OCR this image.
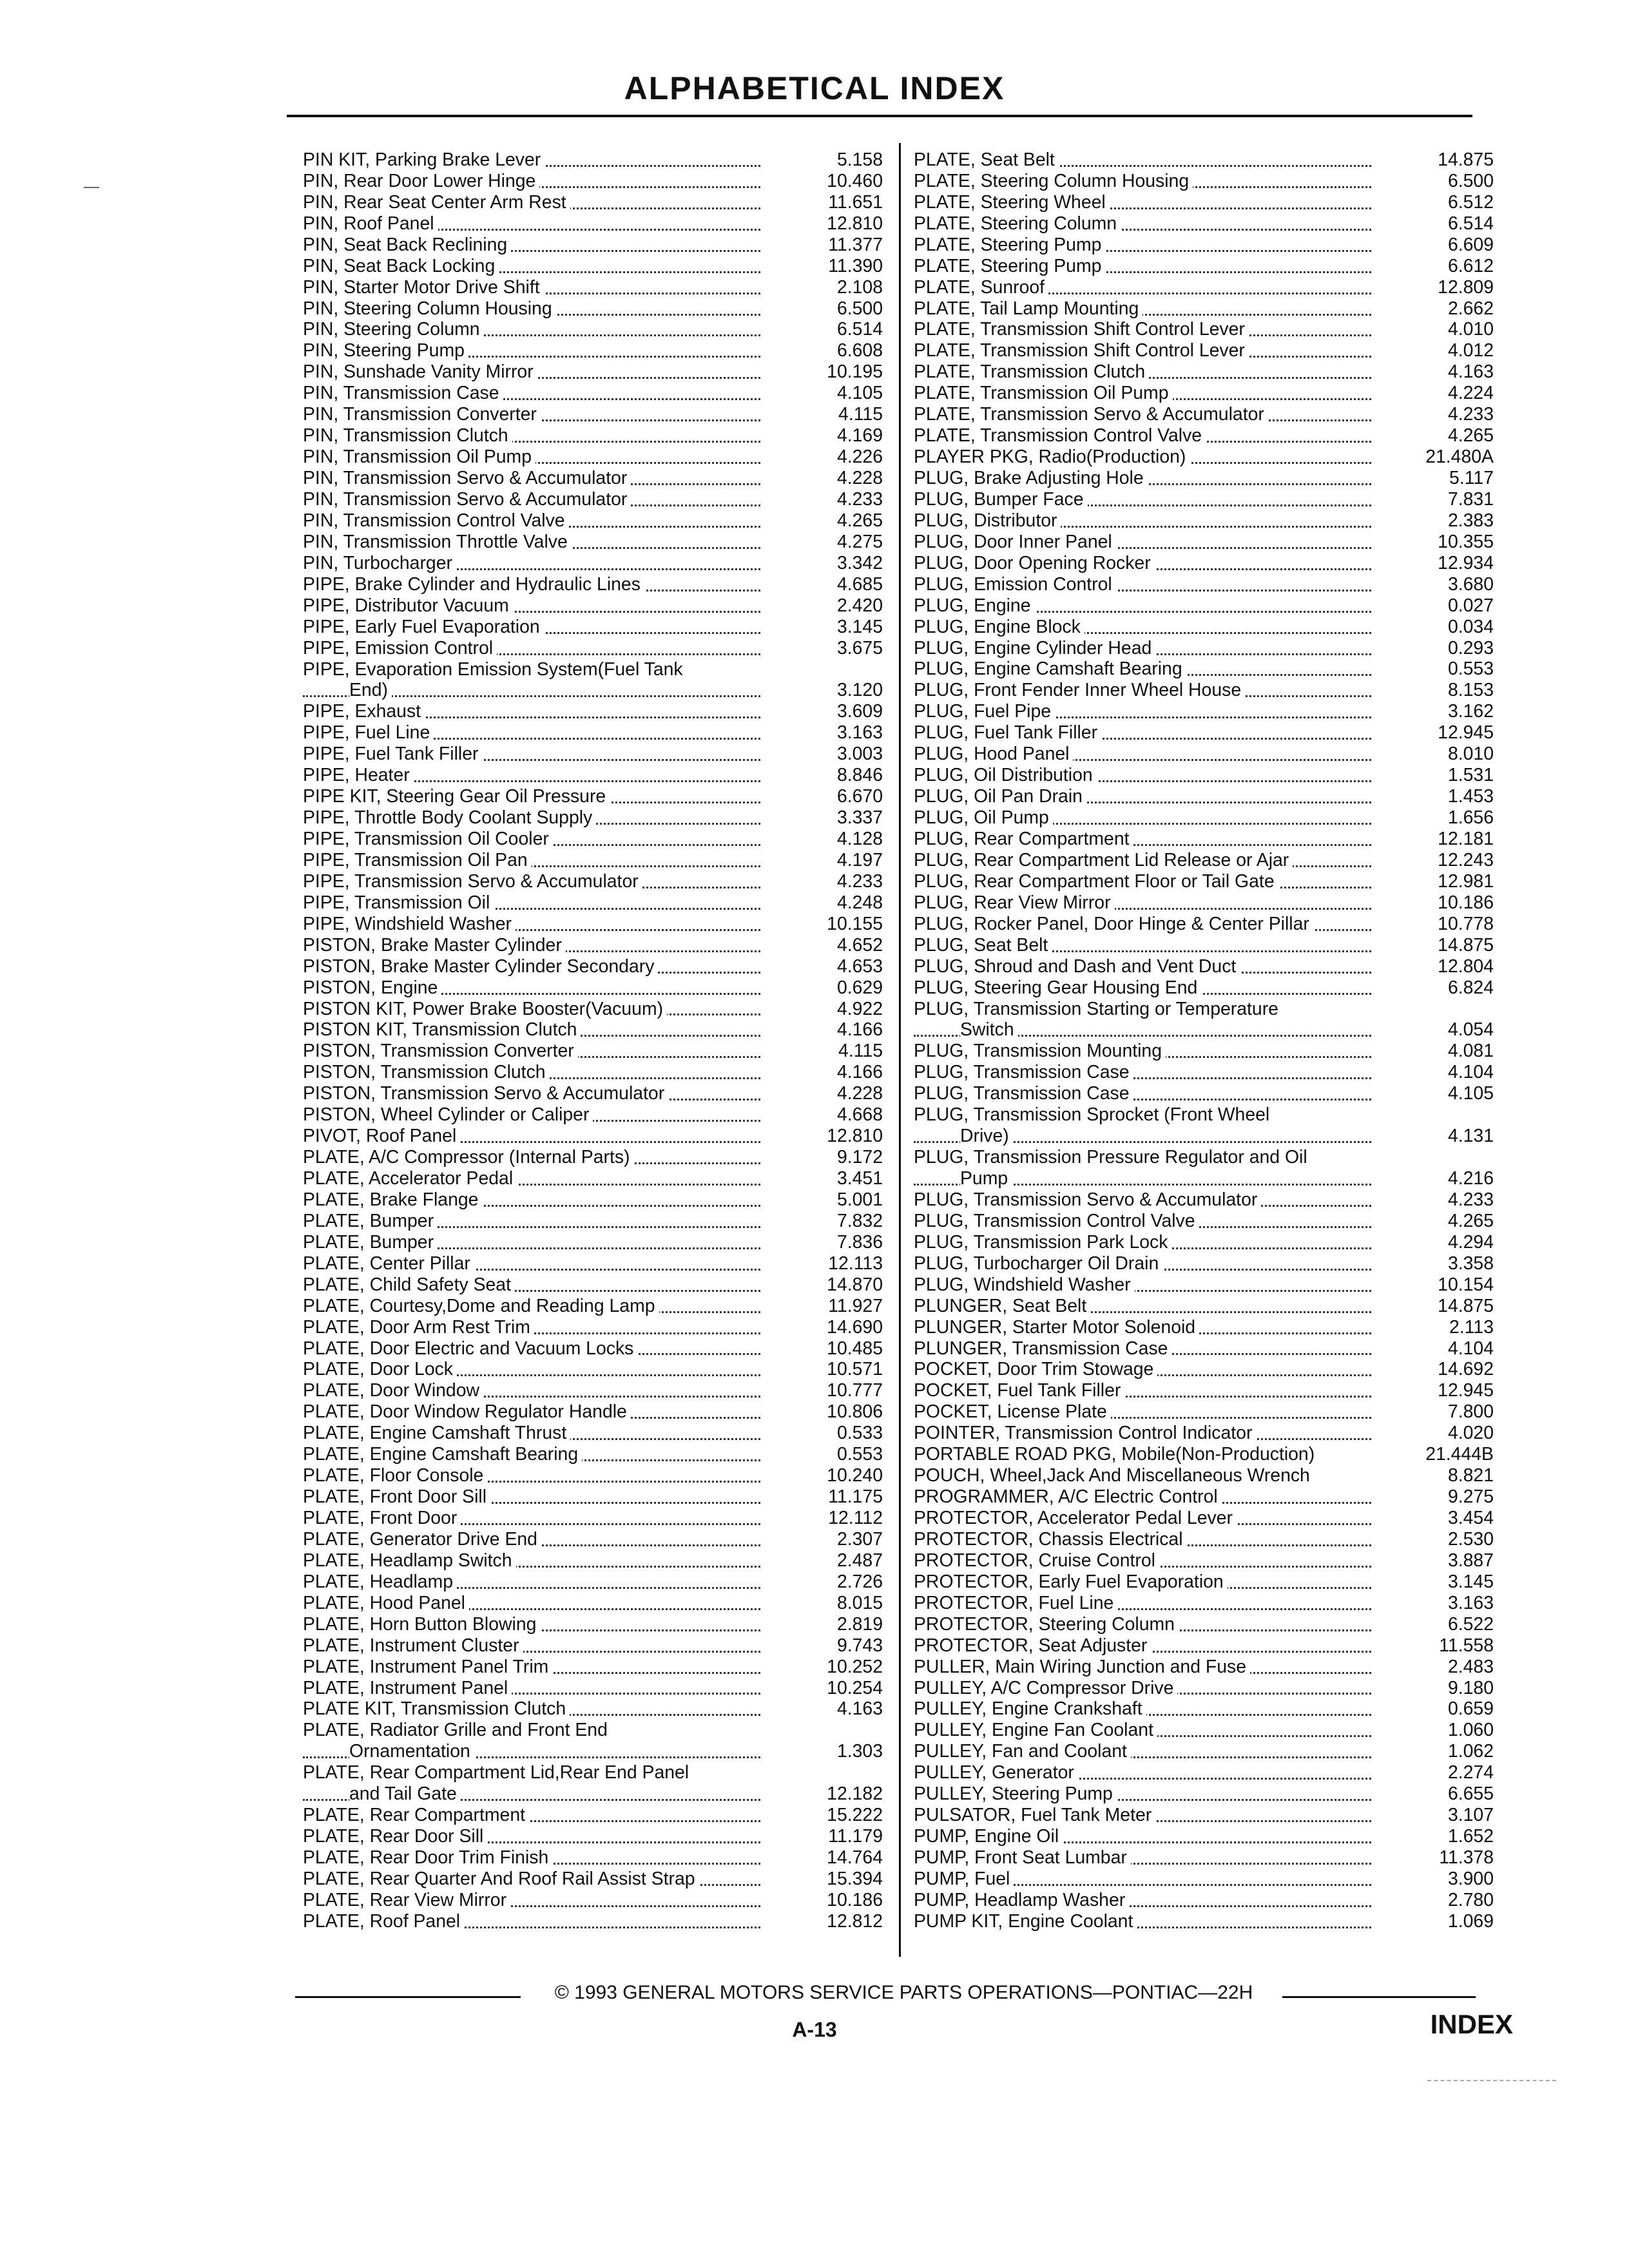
ALPHABETICAL INDEX
PIN KIT, Parking Brake Lever	5.158
PIN, Rear Door Lower Hinge	10.460
PIN, Rear Seat Center Arm Rest	11.651
PIN, Roof Panel	12.810
PIN, Seat Back Reclining	11.377
PIN, Seat Back Locking	11.390
PIN, Starter Motor Drive Shift	2.108
PIN, Steering Column Housing	6.500
PIN, Steering Column	6.514
PIN, Steering Pump	6.608
PIN, Sunshade Vanity Mirror	10.195
PIN, Transmission Case	4.105
PIN, Transmission Converter	4.115
PIN, Transmission Clutch	4.169
PIN, Transmission Oil Pump	4.226
PIN, Transmission Servo & Accumulator	4.228
PIN, Transmission Servo & Accumulator	4.233
PIN, Transmission Control Valve	4.265
PIN, Transmission Throttle Valve	4.275
PIN, Turbocharger	3.342
PIPE, Brake Cylinder and Hydraulic Lines	4.685
PIPE, Distributor Vacuum	2.420
PIPE, Early Fuel Evaporation	3.145
PIPE, Emission Control	3.675
PIPE, Evaporation Emission System(Fuel Tank
End)	3.120
PIPE, Exhaust	3.609
PIPE, Fuel Line	3.163
PIPE, Fuel Tank Filler	3.003
PIPE, Heater	8.846
PIPE KIT, Steering Gear Oil Pressure	6.670
PIPE, Throttle Body Coolant Supply	3.337
PIPE, Transmission Oil Cooler	4.128
PIPE, Transmission Oil Pan	4.197
PIPE, Transmission Servo & Accumulator	4.233
PIPE, Transmission Oil	4.248
PIPE, Windshield Washer	10.155
PISTON, Brake Master Cylinder	4.652
PISTON, Brake Master Cylinder Secondary	4.653
PISTON, Engine	0.629
PISTON KIT, Power Brake Booster(Vacuum)	4.922
PISTON KIT, Transmission Clutch	4.166
PISTON, Transmission Converter	4.115
PISTON, Transmission Clutch	4.166
PISTON, Transmission Servo & Accumulator	4.228
PISTON, Wheel Cylinder or Caliper	4.668
PIVOT, Roof Panel	12.810
PLATE, A/C Compressor (Internal Parts)	9.172
PLATE, Accelerator Pedal	3.451
PLATE, Brake Flange	5.001
PLATE, Bumper	7.832
PLATE, Bumper	7.836
PLATE, Center Pillar	12.113
PLATE, Child Safety Seat	14.870
PLATE, Courtesy,Dome and Reading Lamp	11.927
PLATE, Door Arm Rest Trim	14.690
PLATE, Door Electric and Vacuum Locks	10.485
PLATE, Door Lock	10.571
PLATE, Door Window	10.777
PLATE, Door Window Regulator Handle	10.806
PLATE, Engine Camshaft Thrust	0.533
PLATE, Engine Camshaft Bearing	0.553
PLATE, Floor Console	10.240
PLATE, Front Door Sill	11.175
PLATE, Front Door	12.112
PLATE, Generator Drive End	2.307
PLATE, Headlamp Switch	2.487
PLATE, Headlamp	2.726
PLATE, Hood Panel	8.015
PLATE, Horn Button Blowing	2.819
PLATE, Instrument Cluster	9.743
PLATE, Instrument Panel Trim	10.252
PLATE, Instrument Panel	10.254
PLATE KIT, Transmission Clutch	4.163
PLATE, Radiator Grille and Front End
Ornamentation	1.303
PLATE, Rear Compartment Lid,Rear End Panel
and Tail Gate	12.182
PLATE, Rear Compartment	15.222
PLATE, Rear Door Sill	11.179
PLATE, Rear Door Trim Finish	14.764
PLATE, Rear Quarter And Roof Rail Assist Strap	15.394
PLATE, Rear View Mirror	10.186
PLATE, Roof Panel	12.812
PLATE, Seat Belt	14.875
PLATE, Steering Column Housing	6.500
PLATE, Steering Wheel	6.512
PLATE, Steering Column	6.514
PLATE, Steering Pump	6.609
PLATE, Steering Pump	6.612
PLATE, Sunroof	12.809
PLATE, Tail Lamp Mounting	2.662
PLATE, Transmission Shift Control Lever	4.010
PLATE, Transmission Shift Control Lever	4.012
PLATE, Transmission Clutch	4.163
PLATE, Transmission Oil Pump	4.224
PLATE, Transmission Servo & Accumulator	4.233
PLATE, Transmission Control Valve	4.265
PLAYER PKG, Radio(Production)	21.480A
PLUG, Brake Adjusting Hole	5.117
PLUG, Bumper Face	7.831
PLUG, Distributor	2.383
PLUG, Door Inner Panel	10.355
PLUG, Door Opening Rocker	12.934
PLUG, Emission Control	3.680
PLUG, Engine	0.027
PLUG, Engine Block	0.034
PLUG, Engine Cylinder Head	0.293
PLUG, Engine Camshaft Bearing	0.553
PLUG, Front Fender Inner Wheel House	8.153
PLUG, Fuel Pipe	3.162
PLUG, Fuel Tank Filler	12.945
PLUG, Hood Panel	8.010
PLUG, Oil Distribution	1.531
PLUG, Oil Pan Drain	1.453
PLUG, Oil Pump	1.656
PLUG, Rear Compartment	12.181
PLUG, Rear Compartment Lid Release or Ajar	12.243
PLUG, Rear Compartment Floor or Tail Gate	12.981
PLUG, Rear View Mirror	10.186
PLUG, Rocker Panel, Door Hinge & Center Pillar	10.778
PLUG, Seat Belt	14.875
PLUG, Shroud and Dash and Vent Duct	12.804
PLUG, Steering Gear Housing End	6.824
PLUG, Transmission Starting or Temperature
Switch	4.054
PLUG, Transmission Mounting	4.081
PLUG, Transmission Case	4.104
PLUG, Transmission Case	4.105
PLUG, Transmission Sprocket (Front Wheel
Drive)	4.131
PLUG, Transmission Pressure Regulator and Oil
Pump	4.216
PLUG, Transmission Servo & Accumulator	4.233
PLUG, Transmission Control Valve	4.265
PLUG, Transmission Park Lock	4.294
PLUG, Turbocharger Oil Drain	3.358
PLUG, Windshield Washer	10.154
PLUNGER, Seat Belt	14.875
PLUNGER, Starter Motor Solenoid	2.113
PLUNGER, Transmission Case	4.104
POCKET, Door Trim Stowage	14.692
POCKET, Fuel Tank Filler	12.945
POCKET, License Plate	7.800
POINTER, Transmission Control Indicator	4.020
PORTABLE ROAD PKG, Mobile(Non-Production)	21.444B
POUCH, Wheel,Jack And Miscellaneous Wrench	8.821
PROGRAMMER, A/C Electric Control	9.275
PROTECTOR, Accelerator Pedal Lever	3.454
PROTECTOR, Chassis Electrical	2.530
PROTECTOR, Cruise Control	3.887
PROTECTOR, Early Fuel Evaporation	3.145
PROTECTOR, Fuel Line	3.163
PROTECTOR, Steering Column	6.522
PROTECTOR, Seat Adjuster	11.558
PULLER, Main Wiring Junction and Fuse	2.483
PULLEY, A/C Compressor Drive	9.180
PULLEY, Engine Crankshaft	0.659
PULLEY, Engine Fan Coolant	1.060
PULLEY, Fan and Coolant	1.062
PULLEY, Generator	2.274
PULLEY, Steering Pump	6.655
PULSATOR, Fuel Tank Meter	3.107
PUMP, Engine Oil	1.652
PUMP, Front Seat Lumbar	11.378
PUMP, Fuel	3.900
PUMP, Headlamp Washer	2.780
PUMP KIT, Engine Coolant	1.069
© 1993 GENERAL MOTORS SERVICE PARTS OPERATIONS—PONTIAC—22H
A-13	INDEX
